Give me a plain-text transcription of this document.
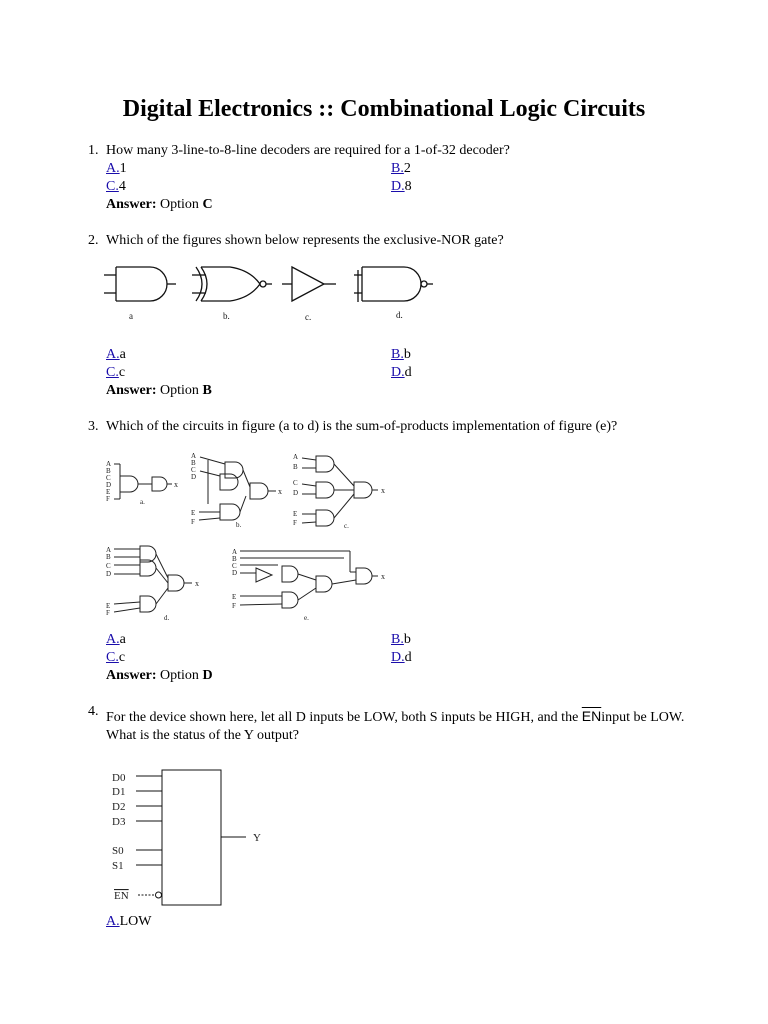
Digital Electronics :: Combinational Logic Circuits
1. How many 3-line-to-8-line decoders are required for a 1-of-32 decoder?
A.1	B.2
C.4	D.8
Answer: Option C
2. Which of the figures shown below represents the exclusive-NOR gate?
a	b.	c.	d.
A.a	B.b
C.c	D.d
Answer: Option B
3. Which of the circuits in figure (a to d) is the sum-of-products implementation of figure (e)?
A
B
C
D
E
F
x
a.
A
B
C
D
x
E
F	b.
A
B
C
D
E
F
x
c.
A
B
C
D
E
F
x
d.
A
B
C
D
E
F
x
e.
A.a	B.b
C.c	D.d
Answer: Option D
4. For the device shown here, let all D inputs be LOW, both S inputs be HIGH, and the $\overline{EN}input$ be LOW. What is the status of the Y output?
D0
D1
D2
D3
S0
S1
EN
Y
A.LOW
